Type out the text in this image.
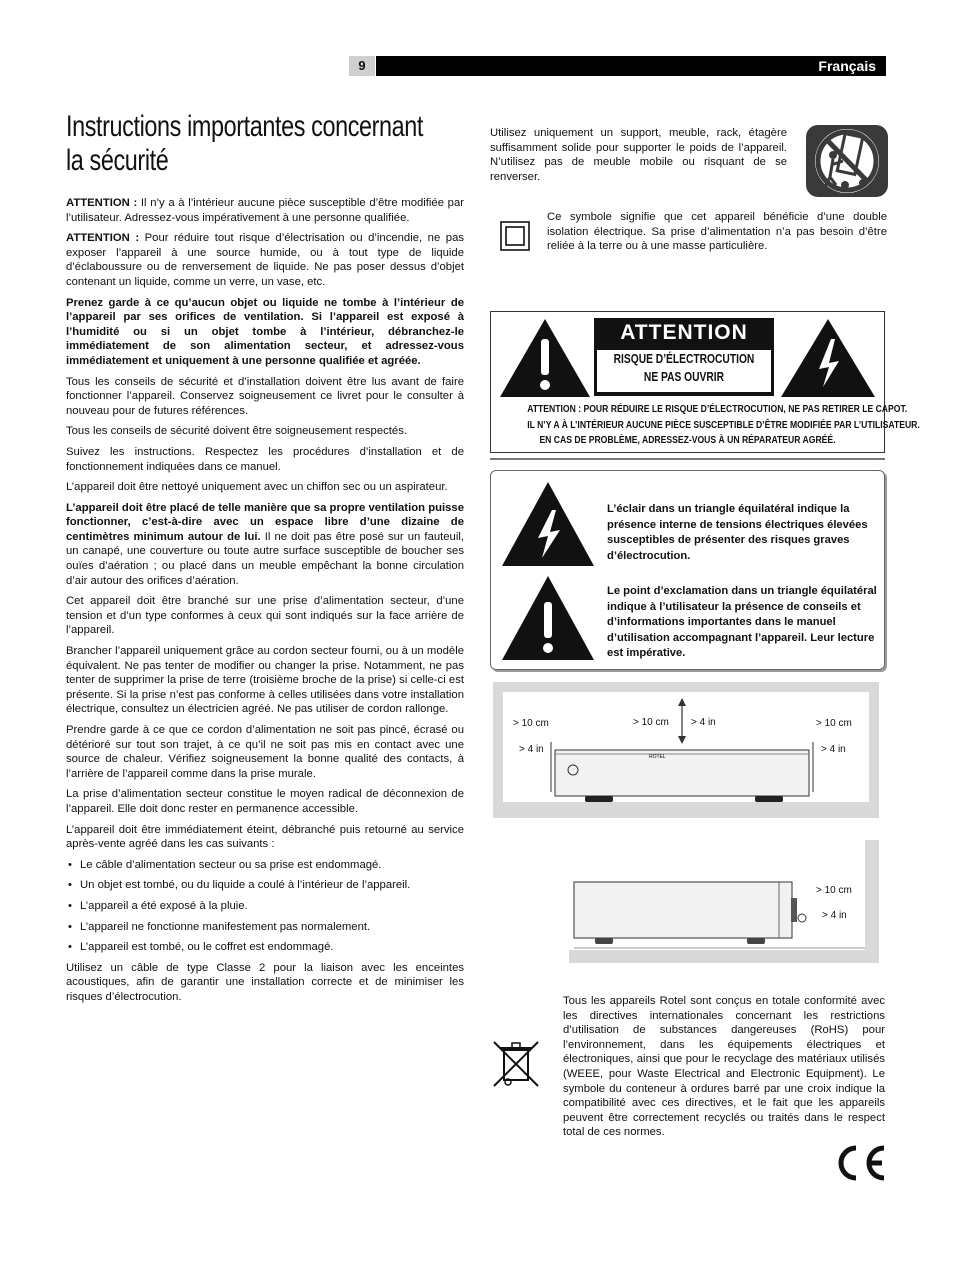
9	Français
Instructions importantes concernant
la sécurité

ATTENTION : Il n’y a à l’intérieur aucune pièce susceptible d’être modifiée par l’utilisateur. Adressez-vous impérativement à une personne qualifiée.

ATTENTION : Pour réduire tout risque d’électrisation ou d’incendie, ne pas exposer l’appareil à une source humide, ou à tout type de liquide d’éclaboussure ou de renversement de liquide. Ne pas poser dessus d’objet contenant un liquide, comme un verre, un vase, etc.

Prenez garde à ce qu’aucun objet ou liquide ne tombe à l’intérieur de l’appareil par ses orifices de ventilation. Si l’appareil est exposé à l’humidité ou si un objet tombe à l’intérieur, débranchez-le immédiatement de son alimentation secteur, et adressez-vous immédiatement et uniquement à une personne qualifiée et agréée.

Tous les conseils de sécurité et d’installation doivent être lus avant de faire fonctionner l’appareil. Conservez soigneusement ce livret pour le consulter à nouveau pour de futures références.

Tous les conseils de sécurité doivent être soigneusement respectés.

Suivez les instructions. Respectez les procédures d’installation et de fonctionnement indiquées dans ce manuel.

L’appareil doit être nettoyé uniquement avec un chiffon sec ou un aspirateur.

L’appareil doit être placé de telle manière que sa propre ventilation puisse fonctionner, c’est-à-dire avec un espace libre d’une dizaine de centimètres minimum autour de lui. Il ne doit pas être posé sur un fauteuil, un canapé, une couverture ou toute autre surface susceptible de boucher ses ouïes d’aération ; ou placé dans un meuble empêchant la bonne circulation d’air autour des orifices d’aération.

Cet appareil doit être branché sur une prise d’alimentation secteur, d’une tension et d’un type conformes à ceux qui sont indiqués sur la face arrière de l’appareil.

Brancher l’appareil uniquement grâce au cordon secteur fourni, ou à un modèle équivalent. Ne pas tenter de modifier ou changer la prise. Notamment, ne pas tenter de supprimer la prise de terre (troisième broche de la prise) si celle-ci est présente. Si la prise n’est pas conforme à celles utilisées dans votre installation électrique, consultez un électricien agréé. Ne pas utiliser de cordon rallonge.

Prendre garde à ce que ce cordon d’alimentation ne soit pas pincé, écrasé ou détérioré sur tout son trajet, à ce qu’il ne soit pas mis en contact avec une source de chaleur. Vérifiez soigneusement la bonne qualité des contacts, à l’arrière de l’appareil comme dans la prise murale.

La prise d’alimentation secteur constitue le moyen radical de déconnexion de l’appareil. Elle doit donc rester en permanence accessible.

L’appareil doit être immédiatement éteint, débranché puis retourné au service après-vente agréé dans les cas suivants :

• Le câble d’alimentation secteur ou sa prise est endommagé.
• Un objet est tombé, ou du liquide a coulé à l’intérieur de l’appareil.
• L’appareil a été exposé à la pluie.
• L’appareil ne fonctionne manifestement pas normalement.
• L’appareil est tombé, ou le coffret est endommagé.

Utilisez un câble de type Classe 2 pour la liaison avec les enceintes acoustiques, afin de garantir une installation correcte et de minimiser les risques d’électrocution.

Utilisez uniquement un support, meuble, rack, étagère suffisamment solide pour supporter le poids de l’appareil. N’utilisez pas de meuble mobile ou risquant de se renverser.
Ce symbole signifie que cet appareil bénéficie d’une double isolation électrique. Sa prise d’alimentation n’a pas besoin d’être reliée à la terre ou à une masse particulière.
ATTENTION
RISQUE D’ÉLECTROCUTION
NE PAS OUVRIR
ATTENTION : POUR RÉDUIRE LE RISQUE D’ÉLECTROCUTION, NE PAS RETIRER LE CAPOT.
IL N’Y A À L’INTÉRIEUR AUCUNE PIÈCE SUSCEPTIBLE D’ÊTRE MODIFIÉE PAR L’UTILISATEUR.
EN CAS DE PROBLÈME, ADRESSEZ-VOUS À UN RÉPARATEUR AGRÉÉ.
L’éclair dans un triangle équilatéral indique la présence interne de tensions électriques élevées susceptibles de présenter des risques graves d’électrocution.
Le point d’exclamation dans un triangle équilatéral indique à l’utilisateur la présence de conseils et d’informations importantes dans le manuel d’utilisation accompagnant l’appareil. Leur lecture est impérative.
ROTEL
> 10 cm
> 4 in
> 10 cm > 4 in	> 10 cm
> 4 in
> 10 cm
> 4 in
Tous les appareils Rotel sont conçus en totale conformité avec les directives internationales concernant les restrictions d’utilisation de substances dangereuses (RoHS) pour l’environnement, dans les équipements électriques et électroniques, ainsi que pour le recyclage des matériaux utilisés (WEEE, pour Waste Electrical and Electronic Equipment). Le symbole du conteneur à ordures barré par une croix indique la compatibilité avec ces directives, et le fait que les appareils peuvent être correctement recyclés ou traités dans le respect total de ces normes.
